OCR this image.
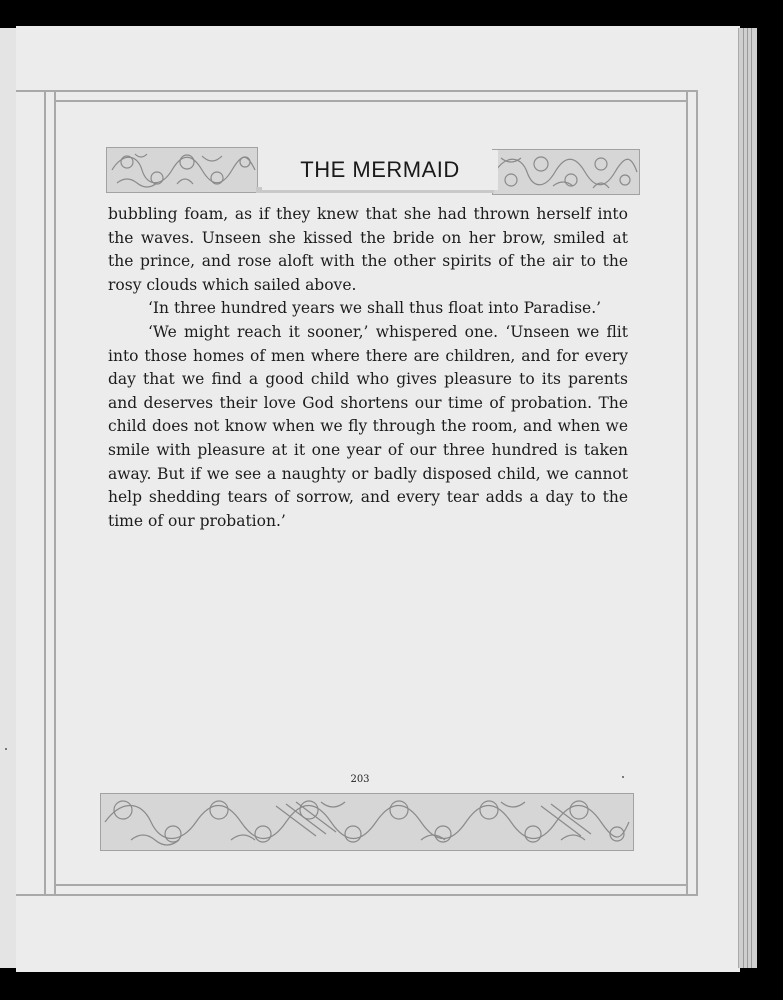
THE MERMAID

bubbling foam, as if they knew that she had thrown herself into the waves. Unseen she kissed the bride on her brow, smiled at the prince, and rose aloft with the other spirits of the air to the rosy clouds which sailed above.

‘In three hundred years we shall thus float into Paradise.’

‘We might reach it sooner,’ whispered one. ‘Unseen we flit into those homes of men where there are children, and for every day that we find a good child who gives pleasure to its parents and deserves their love God shortens our time of probation. The child does not know when we fly through the room, and when we smile with pleasure at it one year of our three hundred is taken away. But if we see a naughty or badly disposed child, we cannot help shedding tears of sorrow, and every tear adds a day to the time of our probation.’

203
